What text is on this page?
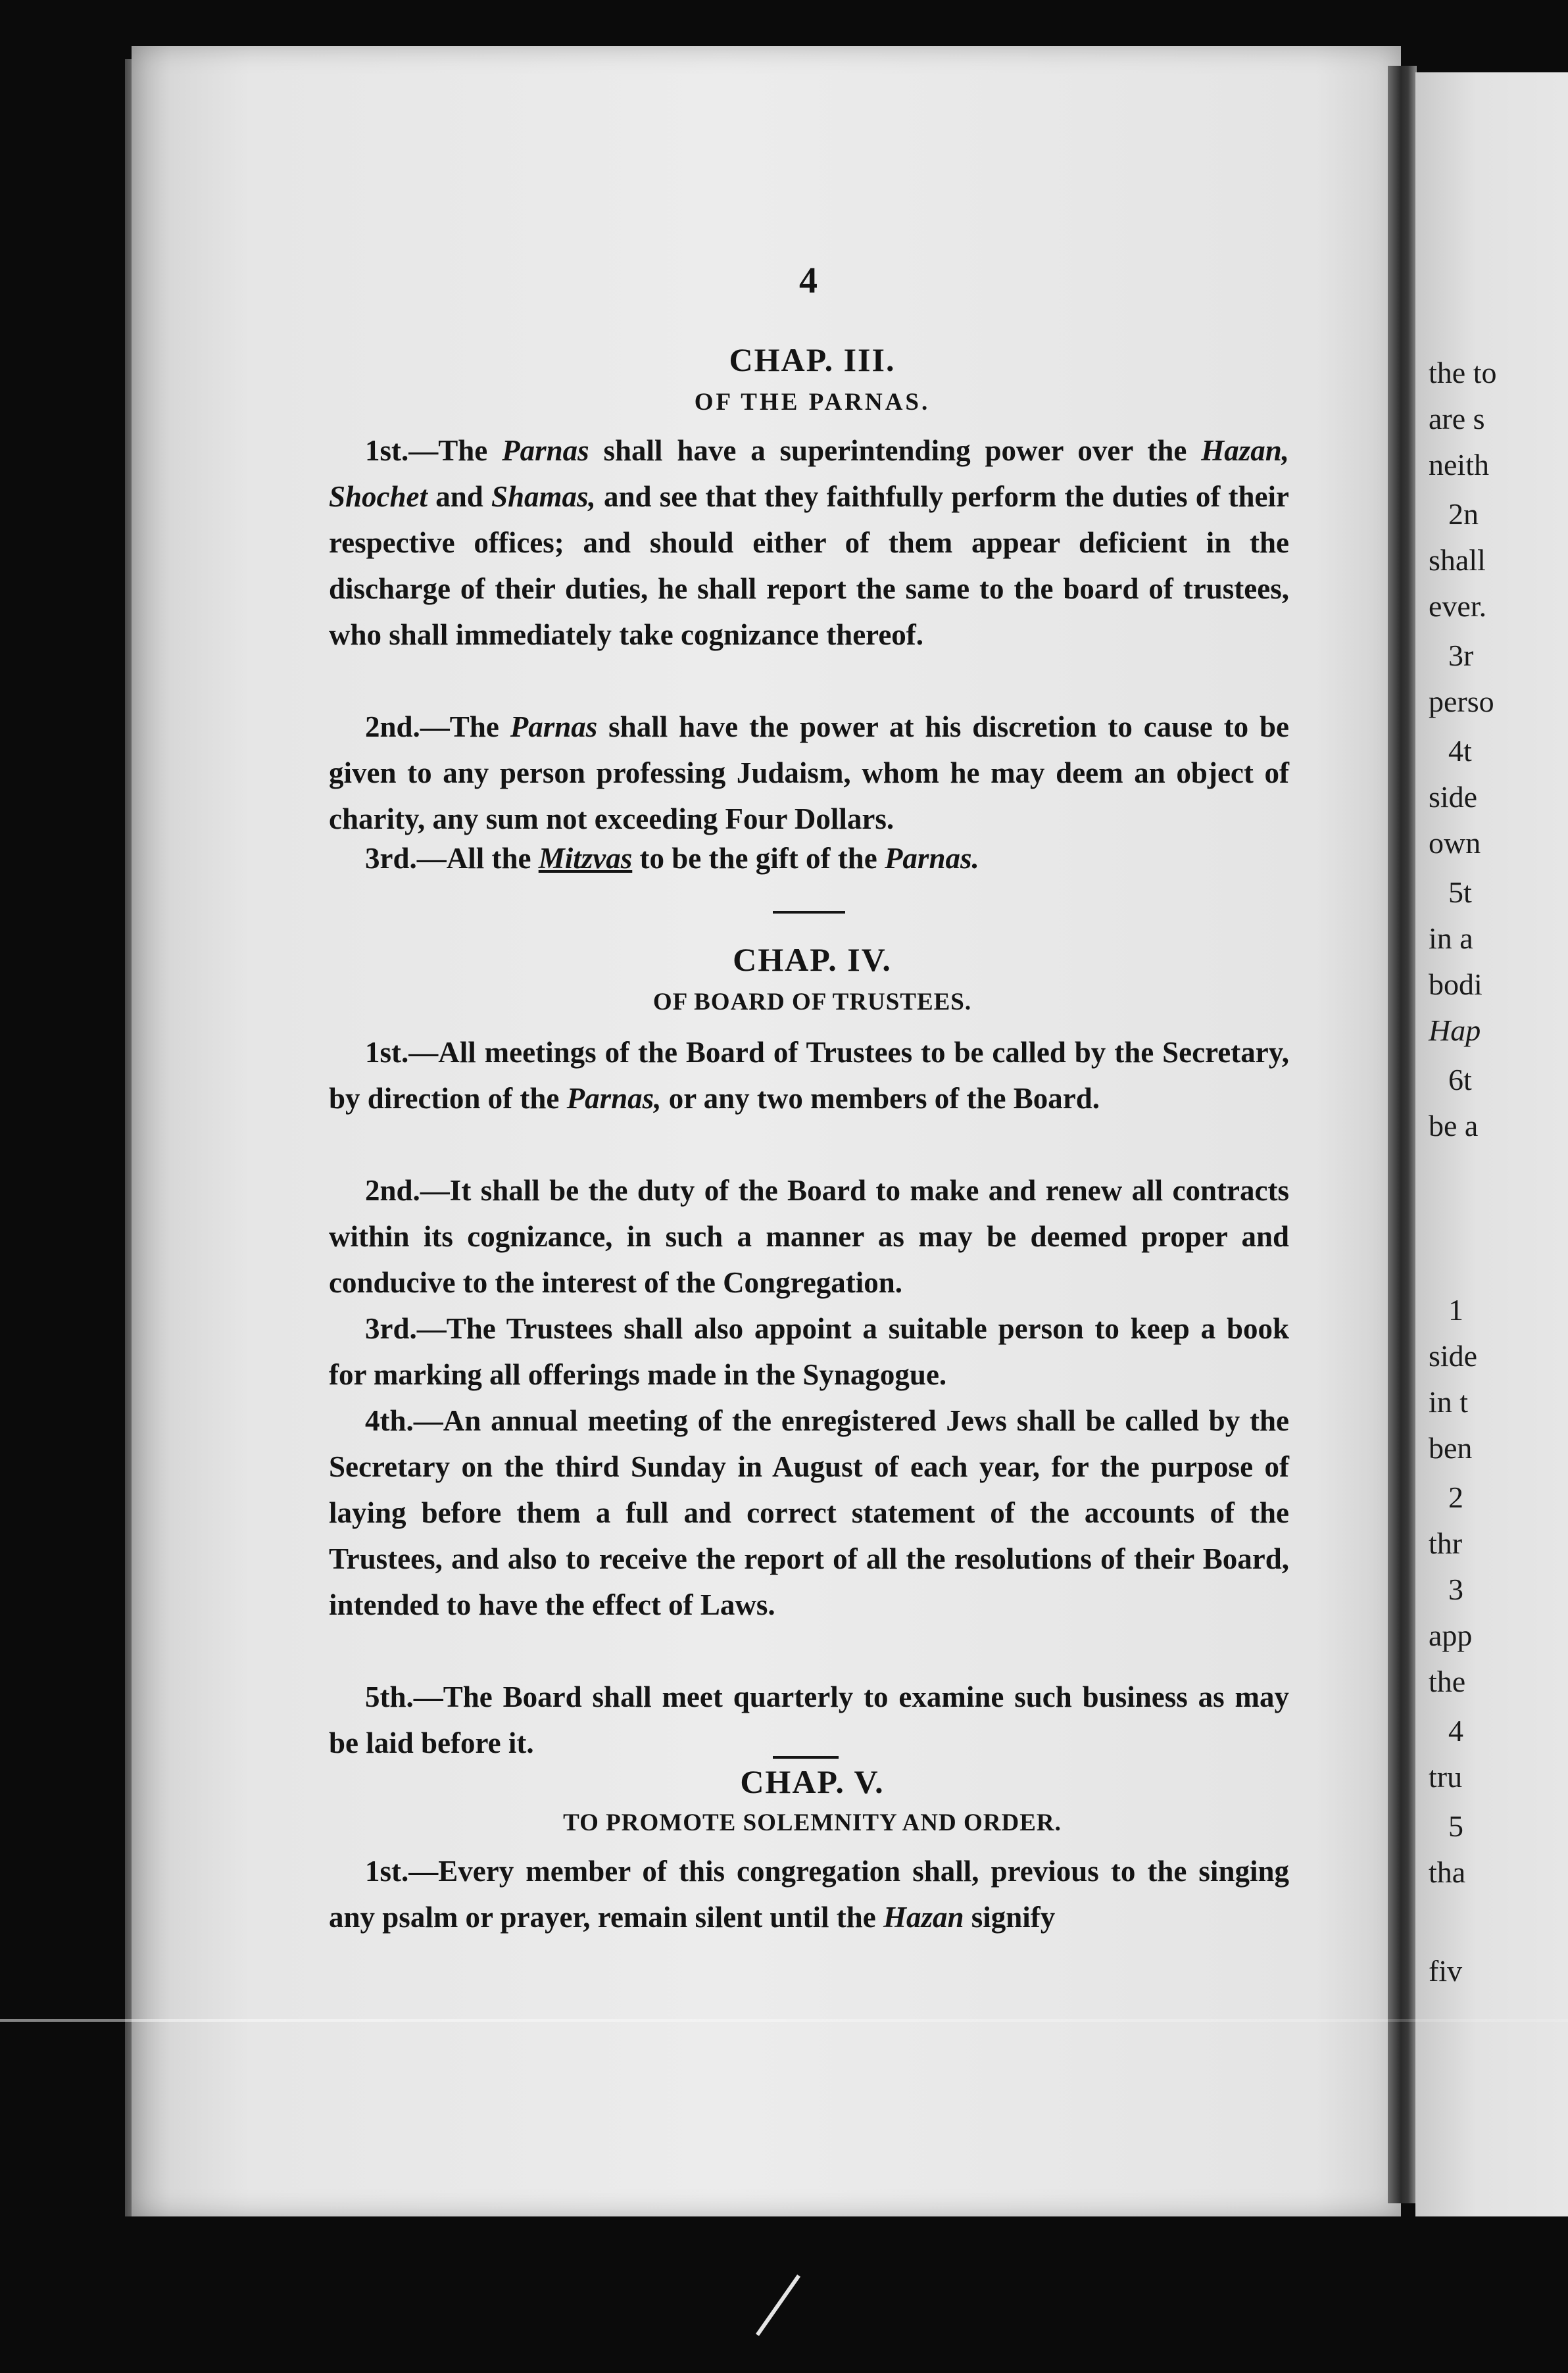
the to
are s
neith
2n
shall
ever.
3r
perso
4t
side
own
5t
in a
bodi
Hap
6t
be a
1
side
in t
ben
2
thr
3
app
the
4
tru
5
tha
fiv
4
CHAP. III.
OF THE PARNAS.
1st.—The Parnas shall have a superintending power over the Hazan, Shochet and Shamas, and see that they faithfully perform the duties of their respective offices; and should either of them appear deficient in the discharge of their duties, he shall report the same to the board of trustees, who shall immediately take cognizance thereof.
2nd.—The Parnas shall have the power at his discretion to cause to be given to any person professing Judaism, whom he may deem an object of charity, any sum not exceeding Four Dollars.
3rd.—All the Mitzvas to be the gift of the Parnas.
CHAP. IV.
OF BOARD OF TRUSTEES.
1st.—All meetings of the Board of Trustees to be called by the Secretary, by direction of the Parnas, or any two members of the Board.
2nd.—It shall be the duty of the Board to make and renew all contracts within its cognizance, in such a manner as may be deemed proper and conducive to the interest of the Congregation.
3rd.—The Trustees shall also appoint a suitable person to keep a book for marking all offerings made in the Synagogue.
4th.—An annual meeting of the enregistered Jews shall be called by the Secretary on the third Sunday in August of each year, for the purpose of laying before them a full and correct statement of the accounts of the Trustees, and also to receive the report of all the resolutions of their Board, intended to have the effect of Laws.
5th.—The Board shall meet quarterly to examine such business as may be laid before it.
CHAP. V.
TO PROMOTE SOLEMNITY AND ORDER.
1st.—Every member of this congregation shall, previous to the singing any psalm or prayer, remain silent until the Hazan signify
